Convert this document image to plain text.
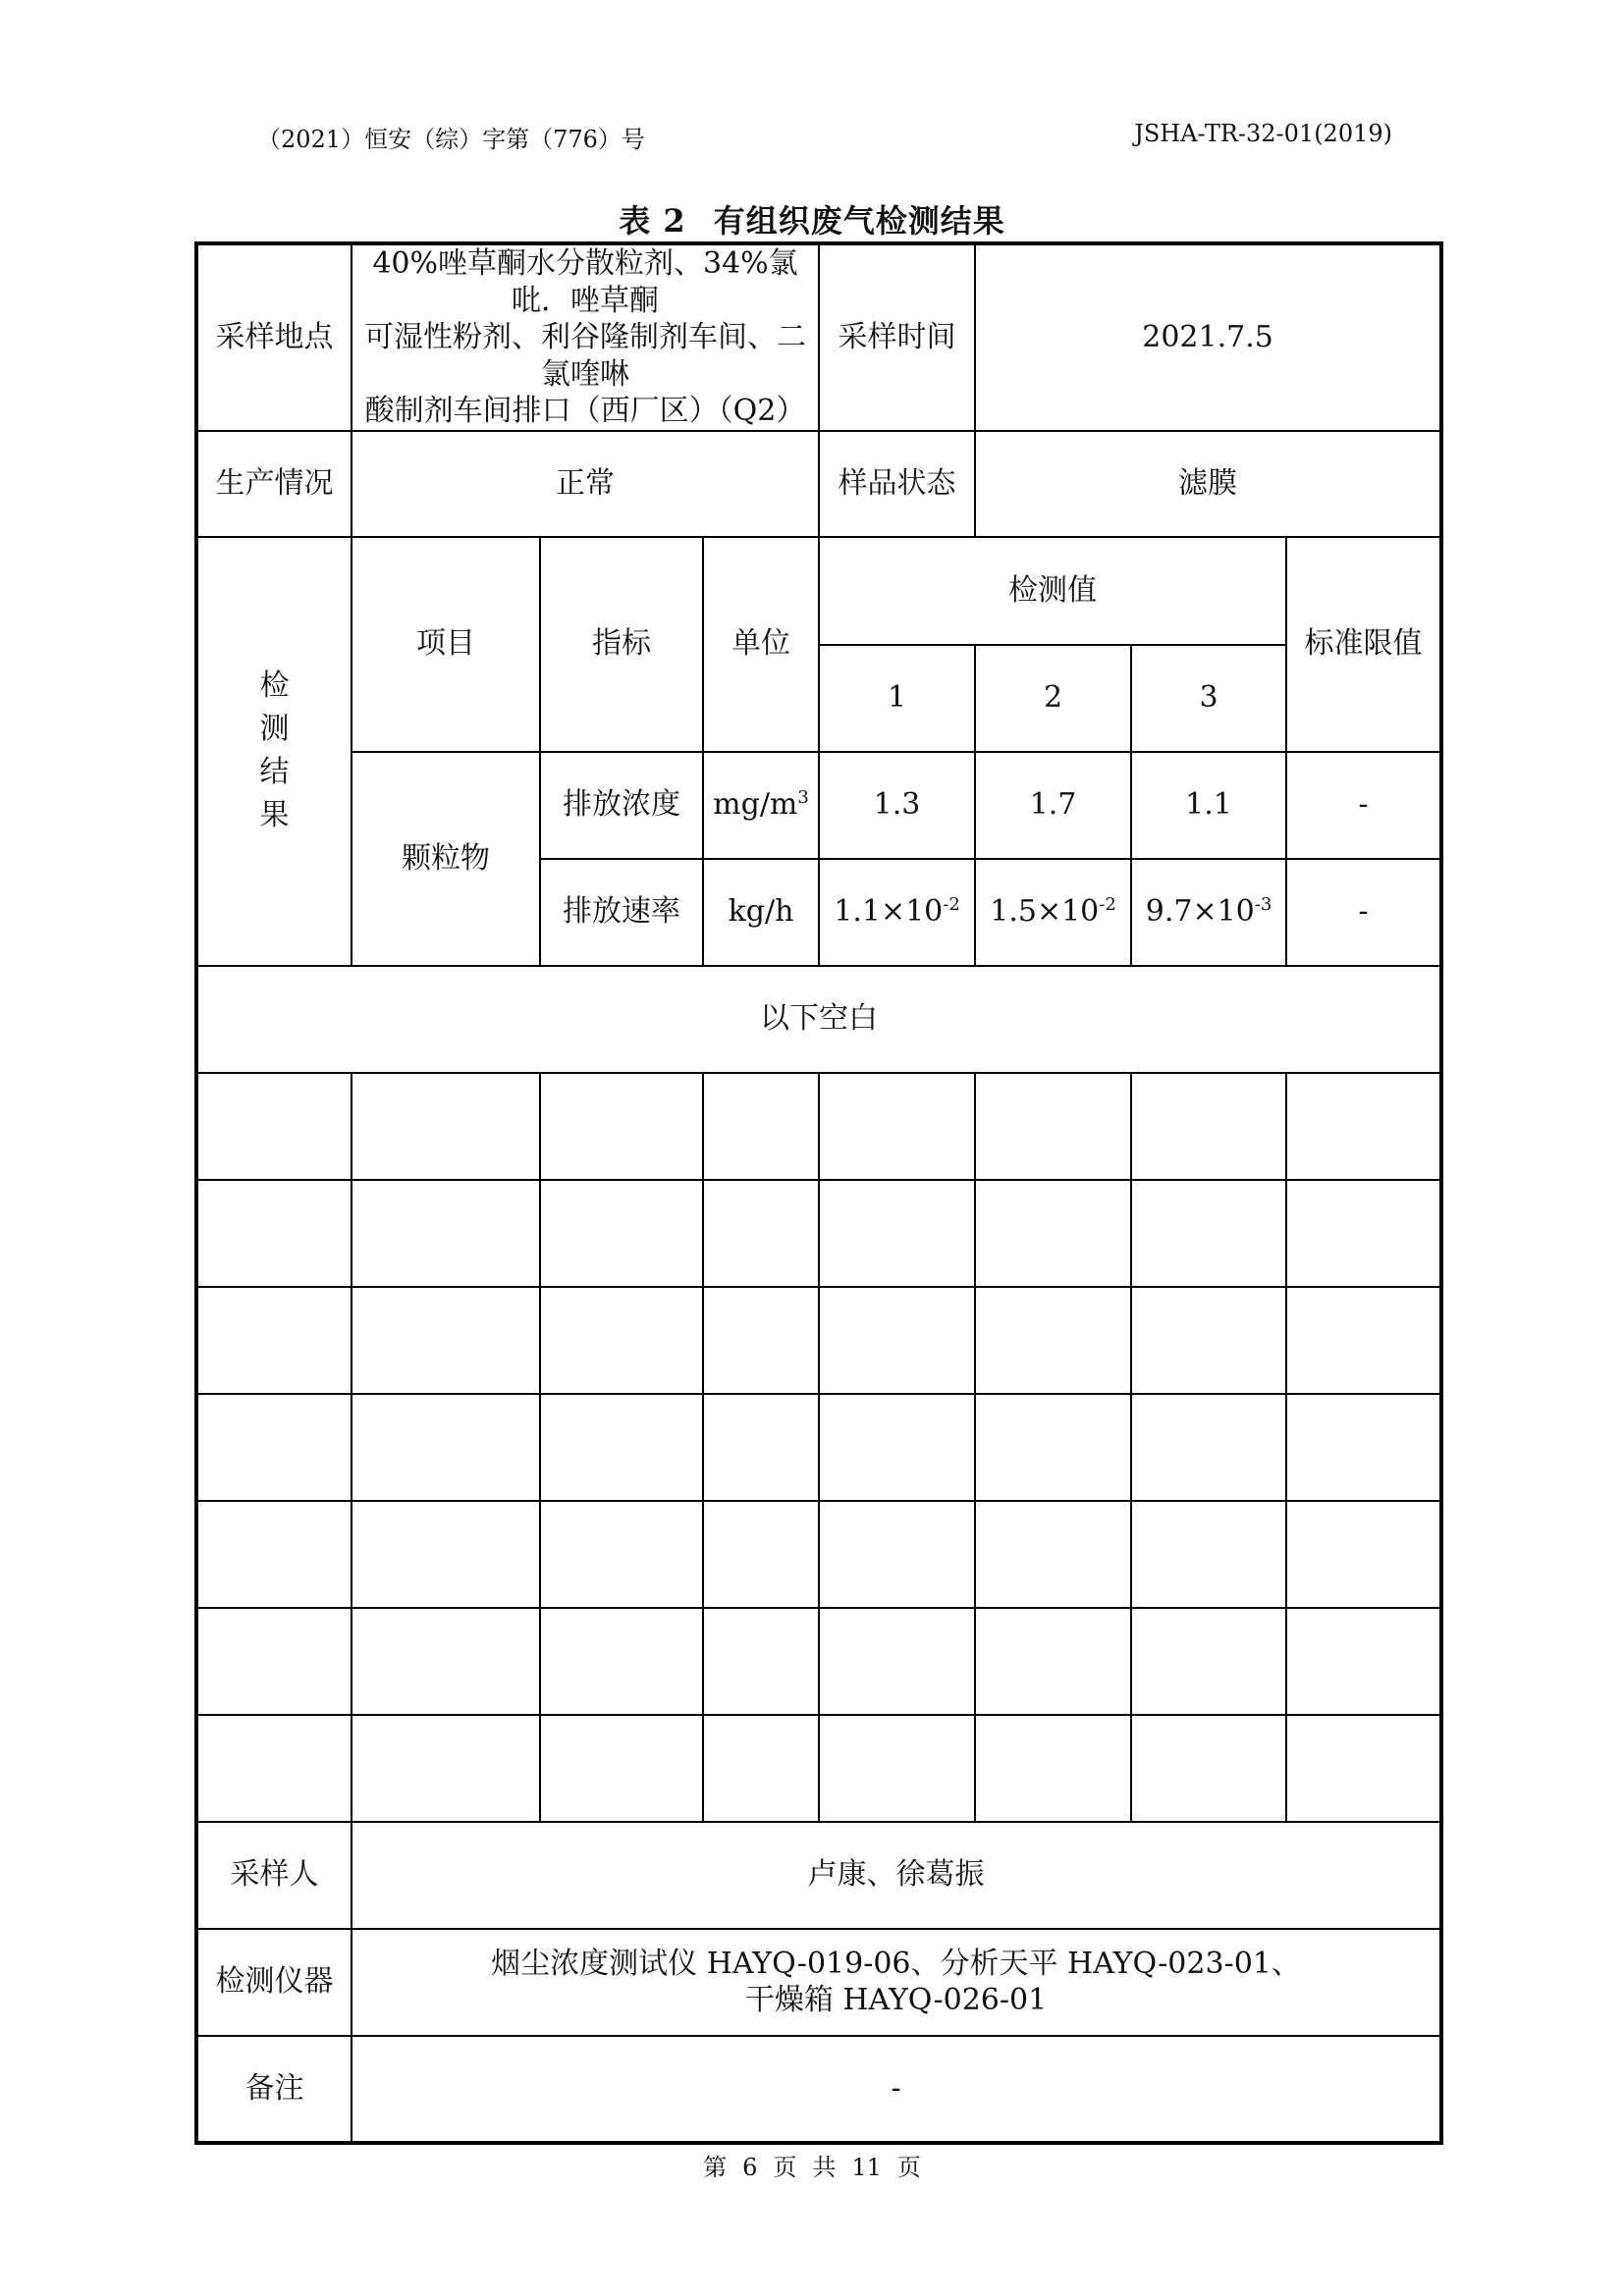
（2021）恒安（综）字第（776）号	JSHA-TR-32-01(2019)
表 2 有组织废气检测结果
采样地点	40%唑草酮水分散粒剂、34%氯吡．唑草酮
可湿性粉剂、利谷隆制剂车间、二氯喹啉
酸制剂车间排口（西厂区）（Q2）			采样时间	2021.7.5		
生产情况	正常			样品状态	滤膜		

检
测
结
果	项目	指标	单位	检测值			标准限值
				1	2	3	
	颗粒物	排放浓度	$mg/m^3$	1.3	1.7	1.1	-
		排放速率	kg/h	$1.1\times 10^{-2}$	$1.5\times 10^{-2}$	$9.7\times 10^{-3}$	-
以下空白							

采样人	卢康、徐葛振						
检测仪器	烟尘浓度测试仪 HAYQ-019-06、分析天平 HAYQ-023-01、
干燥箱 HAYQ-026-01						

备注	-						
第 6 页 共 11 页
